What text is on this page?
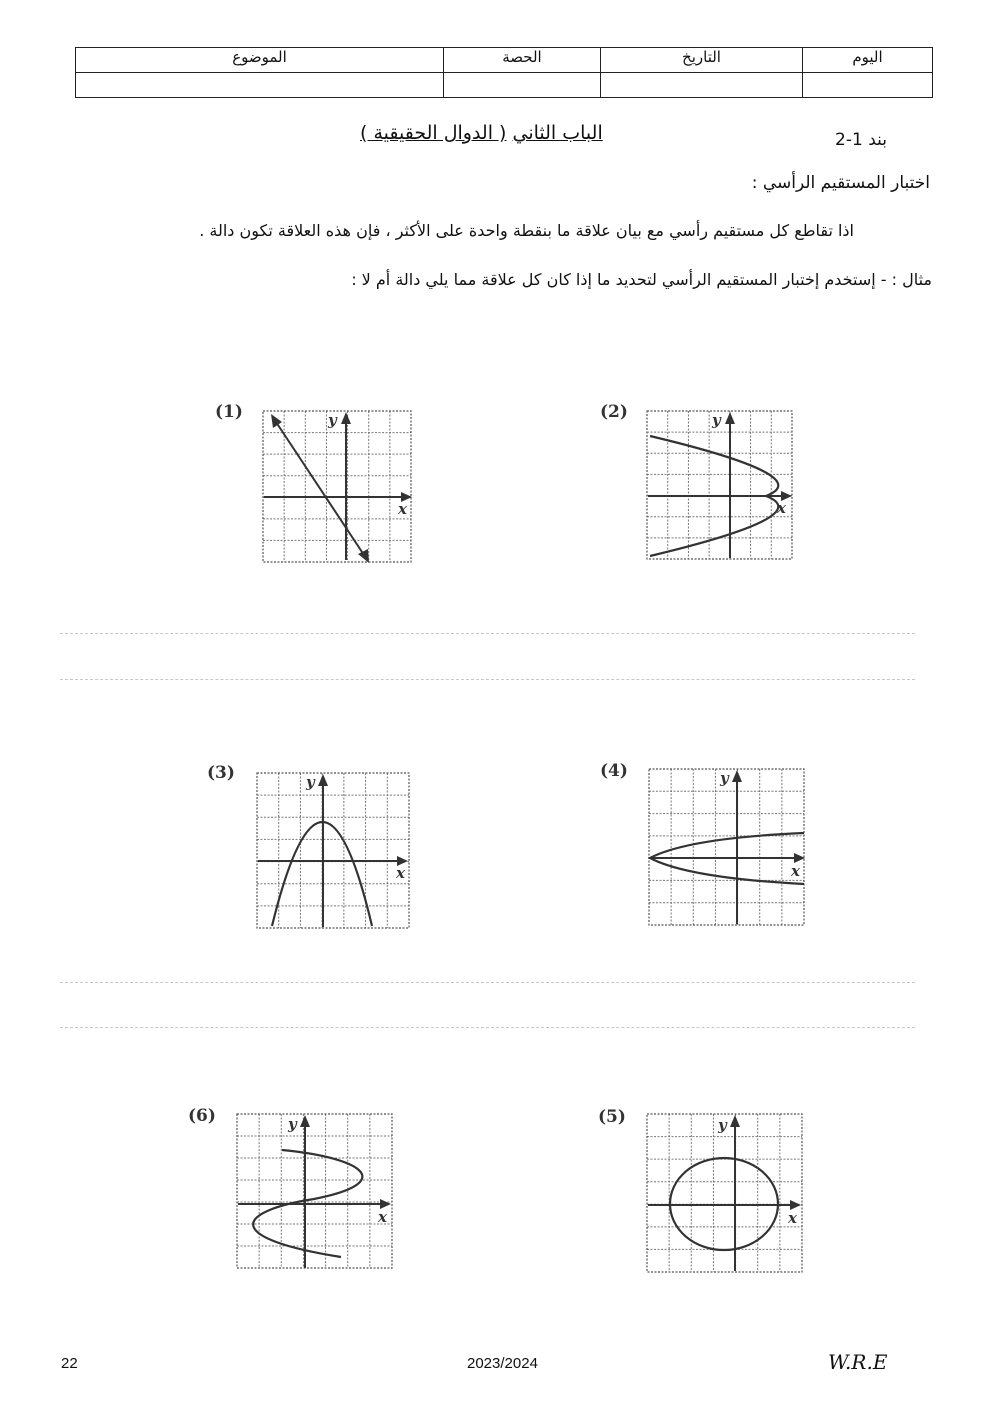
الموضوع	الحصة	التاريخ	اليوم

الباب الثاني ( الدوال الحقيقية )	بند 1-2
اختبار المستقيم الرأسي :
اذا تقاطع كل مستقيم رأسي مع بيان علاقة ما بنقطة واحدة على الأكثر ، فإن هذه العلاقة تكون دالة .
مثال : - إستخدم إختبار المستقيم الرأسي لتحديد ما إذا كان كل علاقة مما يلي دالة أم لا :
(1)	(2)
(3)	(4)
(5)
(6)
y
x
y
x
y
x
y
x
y
x
y
x
22	2023/2024	W.R.E
